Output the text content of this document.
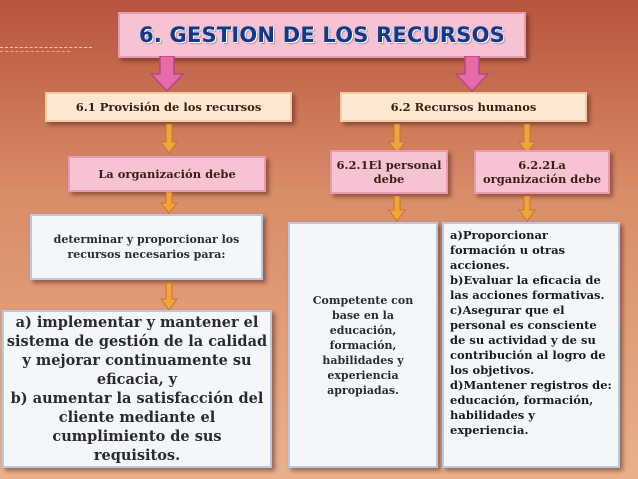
6. GESTION DE LOS RECURSOS
6.1 Provisión de los recursos	6.2 Recursos humanos
La organización debe
6.2.1El personal
debe
6.2.2La
organización debe
determinar y proporcionar los
recursos necesarios para:
a) implementar y mantener el
sistema de gestión de la calidad
y mejorar continuamente su
eficacia, y
b) aumentar la satisfacción del
cliente mediante el
cumplimiento de sus
requisitos.
Competente con
base en la
educación,
formación,
habilidades y
experiencia
apropiadas.
a)Proporcionar
formación u otras
acciones.
b)Evaluar la eficacia de
las acciones formativas.
c)Asegurar que el
personal es consciente
de su actividad y de su
contribución al logro de
los objetivos.
d)Mantener registros de:
educación, formación,
habilidades y
experiencia.
